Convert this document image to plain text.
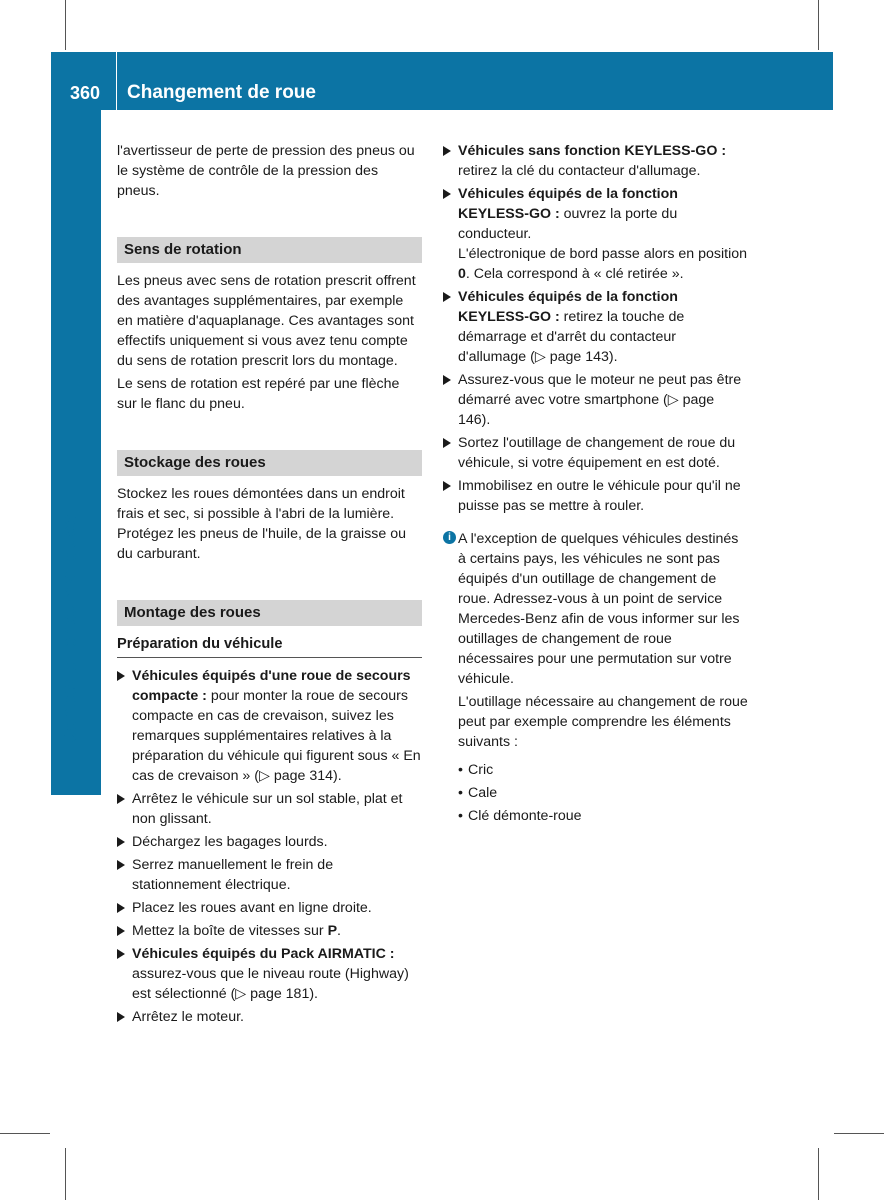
360	Changement de roue
Jantes et pneumatiques

l'avertisseur de perte de pression des pneus ou le système de contrôle de la pression des pneus.

Sens de rotation

Les pneus avec sens de rotation prescrit offrent des avantages supplémentaires, par exemple en matière d'aquaplanage. Ces avantages sont effectifs uniquement si vous avez tenu compte du sens de rotation prescrit lors du montage.

Le sens de rotation est repéré par une flèche sur le flanc du pneu.

Stockage des roues

Stockez les roues démontées dans un endroit frais et sec, si possible à l'abri de la lumière. Protégez les pneus de l'huile, de la graisse ou du carburant.

Montage des roues
Préparation du véhicule
Véhicules équipés d'une roue de secours compacte : pour monter la roue de secours compacte en cas de crevaison, suivez les remarques supplémentaires relatives à la préparation du véhicule qui figurent sous « En cas de crevaison » (▷ page 314).
Arrêtez le véhicule sur un sol stable, plat et non glissant.
Déchargez les bagages lourds.
Serrez manuellement le frein de stationnement électrique.
Placez les roues avant en ligne droite.
Mettez la boîte de vitesses sur P.
Véhicules équipés du Pack AIRMATIC : assurez-vous que le niveau route (Highway) est sélectionné (▷ page 181).
Arrêtez le moteur.
Véhicules sans fonction KEYLESS-GO : retirez la clé du contacteur d'allumage.
Véhicules équipés de la fonction KEYLESS-GO : ouvrez la porte du conducteur.
L'électronique de bord passe alors en position 0. Cela correspond à « clé retirée ».
Véhicules équipés de la fonction KEYLESS-GO : retirez la touche de démarrage et d'arrêt du contacteur d'allumage (▷ page 143).
Assurez-vous que le moteur ne peut pas être démarré avec votre smartphone (▷ page 146).
Sortez l'outillage de changement de roue du véhicule, si votre équipement en est doté.
Immobilisez en outre le véhicule pour qu'il ne puisse pas se mettre à rouler.
i A l'exception de quelques véhicules destinés à certains pays, les véhicules ne sont pas équipés d'un outillage de changement de roue. Adressez-vous à un point de service Mercedes-Benz afin de vous informer sur les outillages de changement de roue nécessaires pour une permutation sur votre véhicule.

L'outillage nécessaire au changement de roue peut par exemple comprendre les éléments suivants :

• Cric
• Cale
• Clé démonte-roue
